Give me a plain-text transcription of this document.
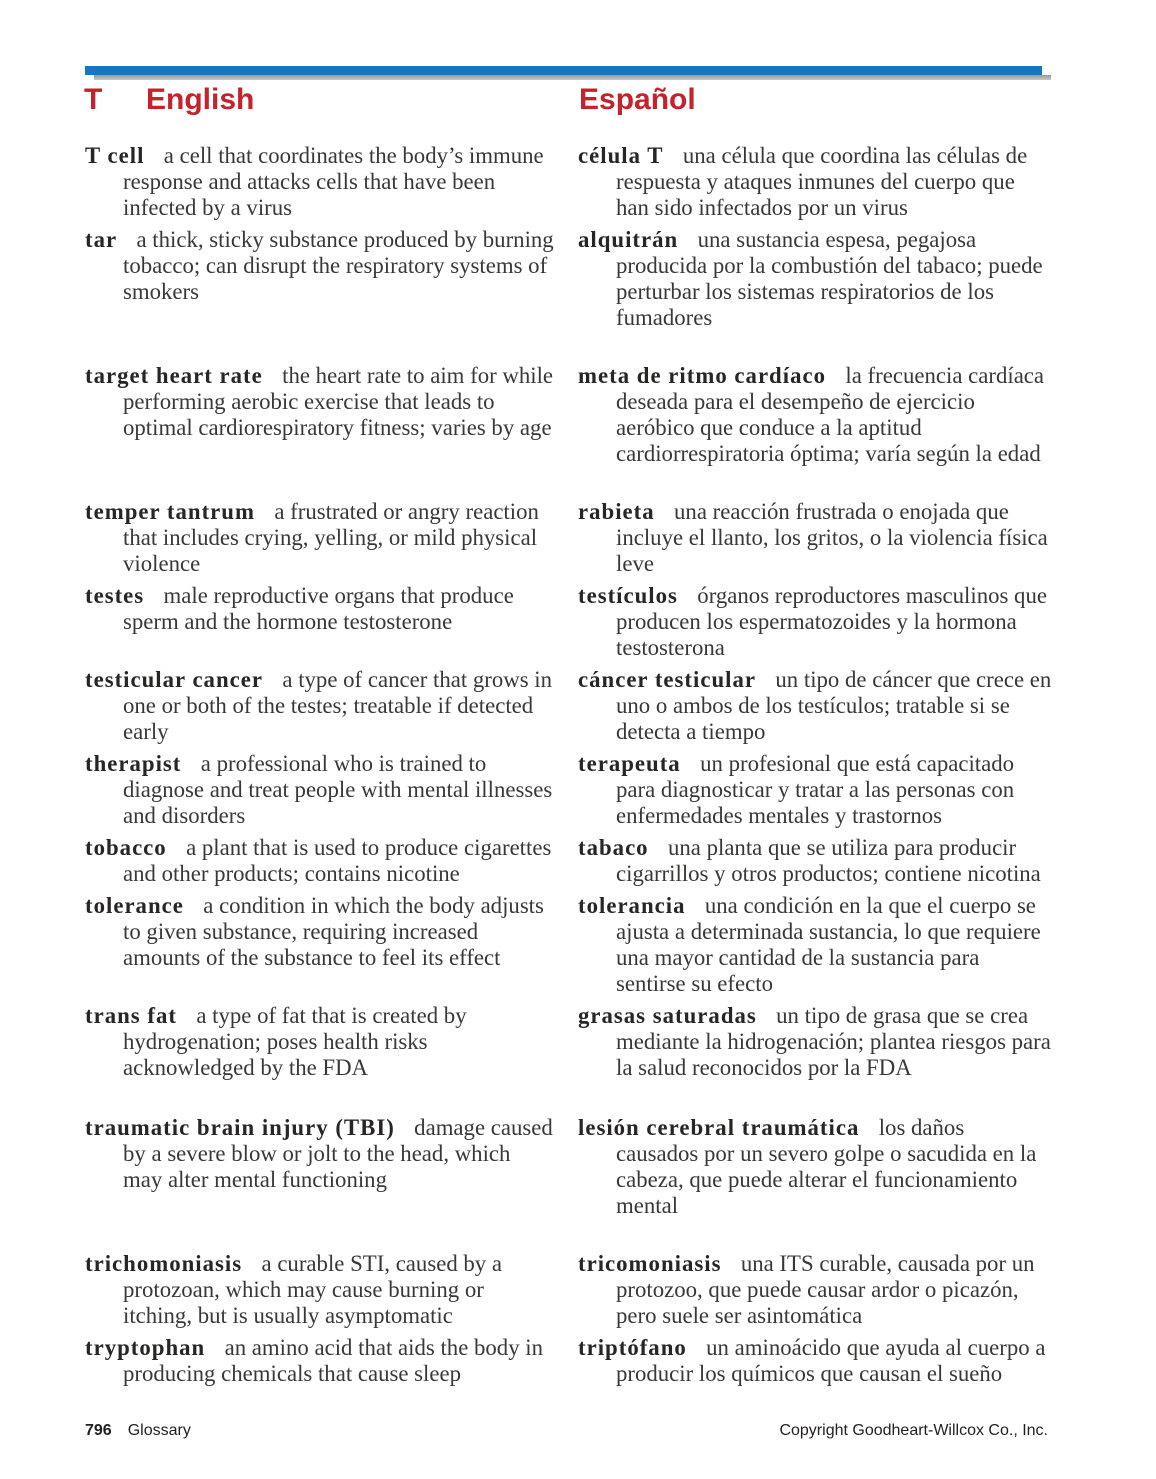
T English	Español
T cell a cell that coordinates the body’s immune response and attacks cells that have been infected by a virus
célula T una célula que coordina las células de respuesta y ataques inmunes del cuerpo que han sido infectados por un virus
tar a thick, sticky substance produced by burning tobacco; can disrupt the respiratory systems of smokers
alquitrán una sustancia espesa, pegajosa producida por la combustión del tabaco; puede perturbar los sistemas respiratorios de los fumadores
target heart rate the heart rate to aim for while performing aerobic exercise that leads to optimal cardiorespiratory fitness; varies by age
meta de ritmo cardíaco la frecuencia cardíaca deseada para el desempeño de ejercicio aeróbico que conduce a la aptitud cardiorrespiratoria óptima; varía según la edad
temper tantrum a frustrated or angry reaction that includes crying, yelling, or mild physical violence
rabieta una reacción frustrada o enojada que incluye el llanto, los gritos, o la violencia física leve
testes male reproductive organs that produce sperm and the hormone testosterone
testículos órganos reproductores masculinos que producen los espermatozoides y la hormona testosterona
testicular cancer a type of cancer that grows in one or both of the testes; treatable if detected early
cáncer testicular un tipo de cáncer que crece en uno o ambos de los testículos; tratable si se detecta a tiempo
therapist a professional who is trained to diagnose and treat people with mental illnesses and disorders
terapeuta un profesional que está capacitado para diagnosticar y tratar a las personas con enfermedades mentales y trastornos
tobacco a plant that is used to produce cigarettes and other products; contains nicotine
tabaco una planta que se utiliza para producir cigarrillos y otros productos; contiene nicotina
tolerance a condition in which the body adjusts to given substance, requiring increased amounts of the substance to feel its effect
tolerancia una condición en la que el cuerpo se ajusta a determinada sustancia, lo que requiere una mayor cantidad de la sustancia para sentirse su efecto
trans fat a type of fat that is created by hydrogenation; poses health risks acknowledged by the FDA
grasas saturadas un tipo de grasa que se crea mediante la hidrogenación; plantea riesgos para la salud reconocidos por la FDA
traumatic brain injury (TBI) damage caused by a severe blow or jolt to the head, which may alter mental functioning
lesión cerebral traumática los daños causados por un severo golpe o sacudida en la cabeza, que puede alterar el funcionamiento mental
trichomoniasis a curable STI, caused by a protozoan, which may cause burning or itching, but is usually asymptomatic
tricomoniasis una ITS curable, causada por un protozoo, que puede causar ardor o picazón, pero suele ser asintomática
tryptophan an amino acid that aids the body in producing chemicals that cause sleep
triptófano un aminoácido que ayuda al cuerpo a producir los químicos que causan el sueño
796 Glossary	Copyright Goodheart-Willcox Co., Inc.
